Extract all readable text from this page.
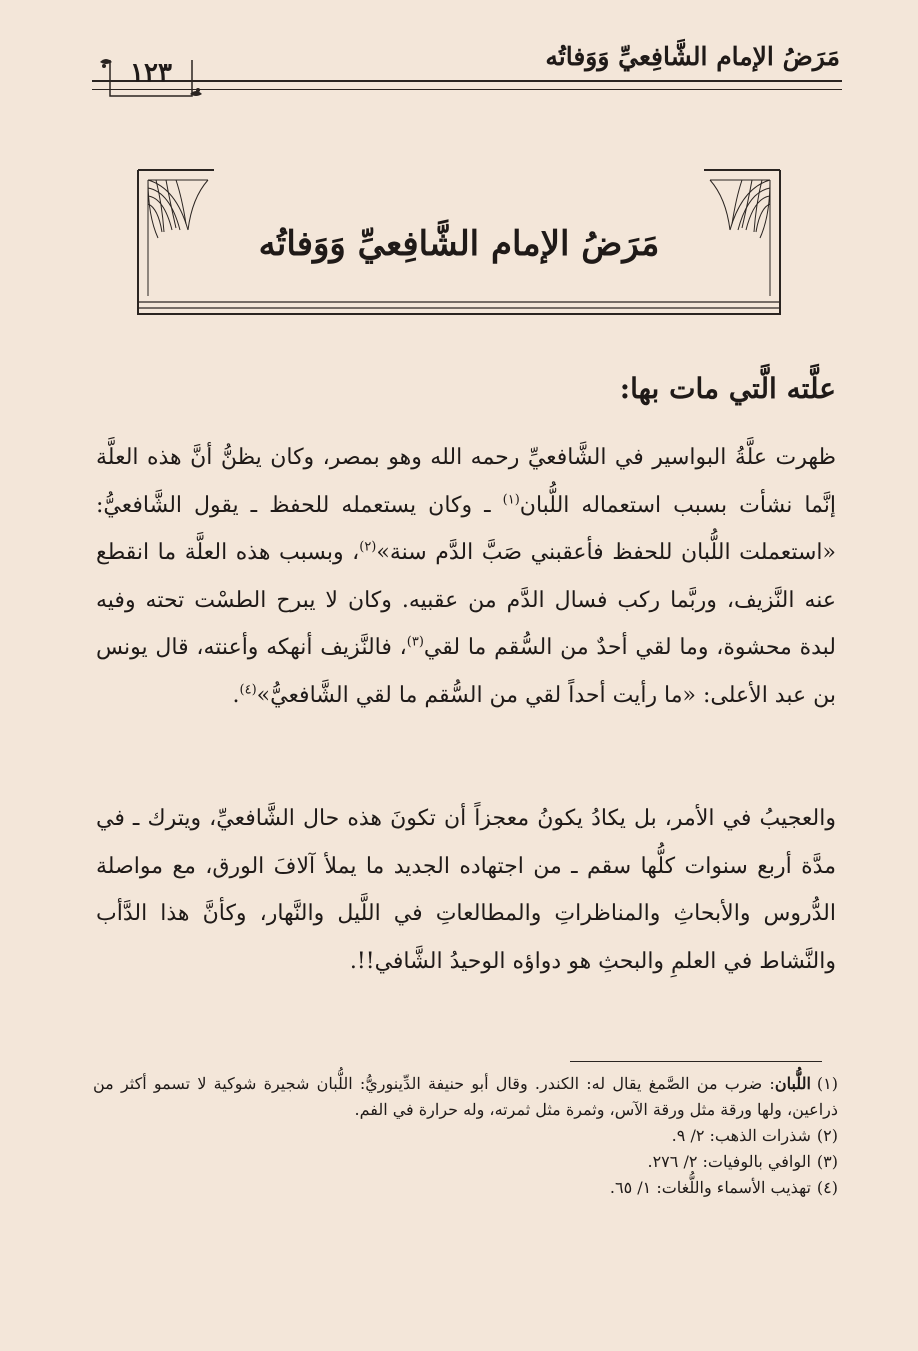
مَرَضُ الإمام الشَّافِعيِّ وَوَفاتُه
١٢٣
مَرَضُ الإمام الشَّافِعيِّ وَوَفاتُه
علَّته الَّتي مات بها:

ظهرت علَّةُ البواسير في الشَّافعيِّ رحمه الله وهو بمصر، وكان يظنُّ أنَّ هذه العلَّة إنَّما نشأت بسبب استعماله اللُّبان$^{(١)}$ ـ وكان يستعمله للحفظ ـ يقول الشَّافعيُّ: «استعملت اللُّبان للحفظ فأعقبني صَبَّ الدَّم سنة»$^{(٢)}$، وبسبب هذه العلَّة ما انقطع عنه النَّزيف، وربَّما ركب فسال الدَّم من عقبيه. وكان لا يبرح الطسْت تحته وفيه لبدة محشوة، وما لقي أحدٌ من السُّقم ما لقي$^{(٣)}$، فالنَّزيف أنهكه وأعنته، قال يونس بن عبد الأعلى: «ما رأيت أحداً لقي من السُّقم ما لقي الشَّافعيُّ»$^{(٤)}$.

والعجيبُ في الأمر، بل يكادُ يكونُ معجزاً أن تكونَ هذه حال الشَّافعيِّ، ويترك ـ في مدَّة أربع سنوات كلُّها سقم ـ من اجتهاده الجديد ما يملأ آلافَ الورق، مع مواصلة الدُّروس والأبحاثِ والمناظراتِ والمطالعاتِ في اللَّيل والنَّهار، وكأنَّ هذا الدَّأب والنَّشاط في العلمِ والبحثِ هو دواؤه الوحيدُ الشَّافي!!.

(١)اللُّبان: ضرب من الصَّمغ يقال له: الكندر. وقال أبو حنيفة الدِّينوريُّ: اللُّبان شجيرة شوكية لا تسمو أكثر من ذراعين، ولها ورقة مثل ورقة الآس، وثمرة مثل ثمرته، وله حرارة في الفم.

(٢)شذرات الذهب: ٢/ ٩.

(٣)الوافي بالوفيات: ٢/ ٢٧٦.

(٤)تهذيب الأسماء واللُّغات: ١/ ٦٥.
